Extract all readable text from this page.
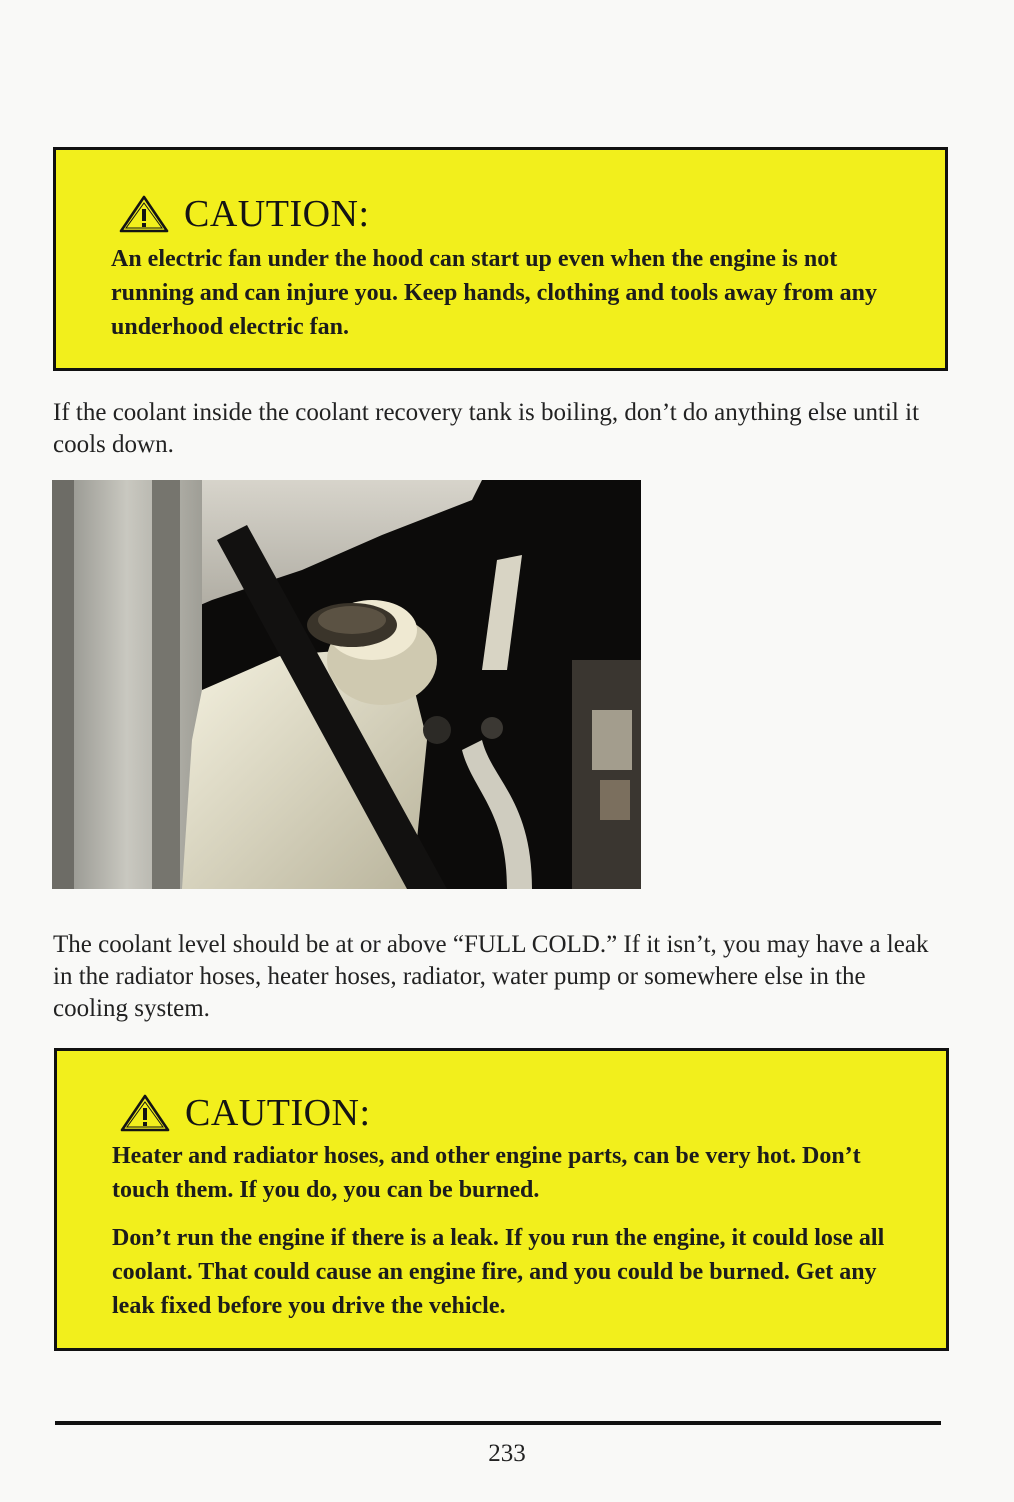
CAUTION:
An electric fan under the hood can start up even when the engine is not running and can injure you. Keep hands, clothing and tools away from any underhood electric fan.
If the coolant inside the coolant recovery tank is boiling, don’t do anything else until it cools down.
The coolant level should be at or above “FULL COLD.” If it isn’t, you may have a leak in the radiator hoses, heater hoses, radiator, water pump or somewhere else in the cooling system.
CAUTION:
Heater and radiator hoses, and other engine parts, can be very hot. Don’t touch them. If you do, you can be burned.
Don’t run the engine if there is a leak. If you run the engine, it could lose all coolant. That could cause an engine fire, and you could be burned. Get any leak fixed before you drive the vehicle.
233
